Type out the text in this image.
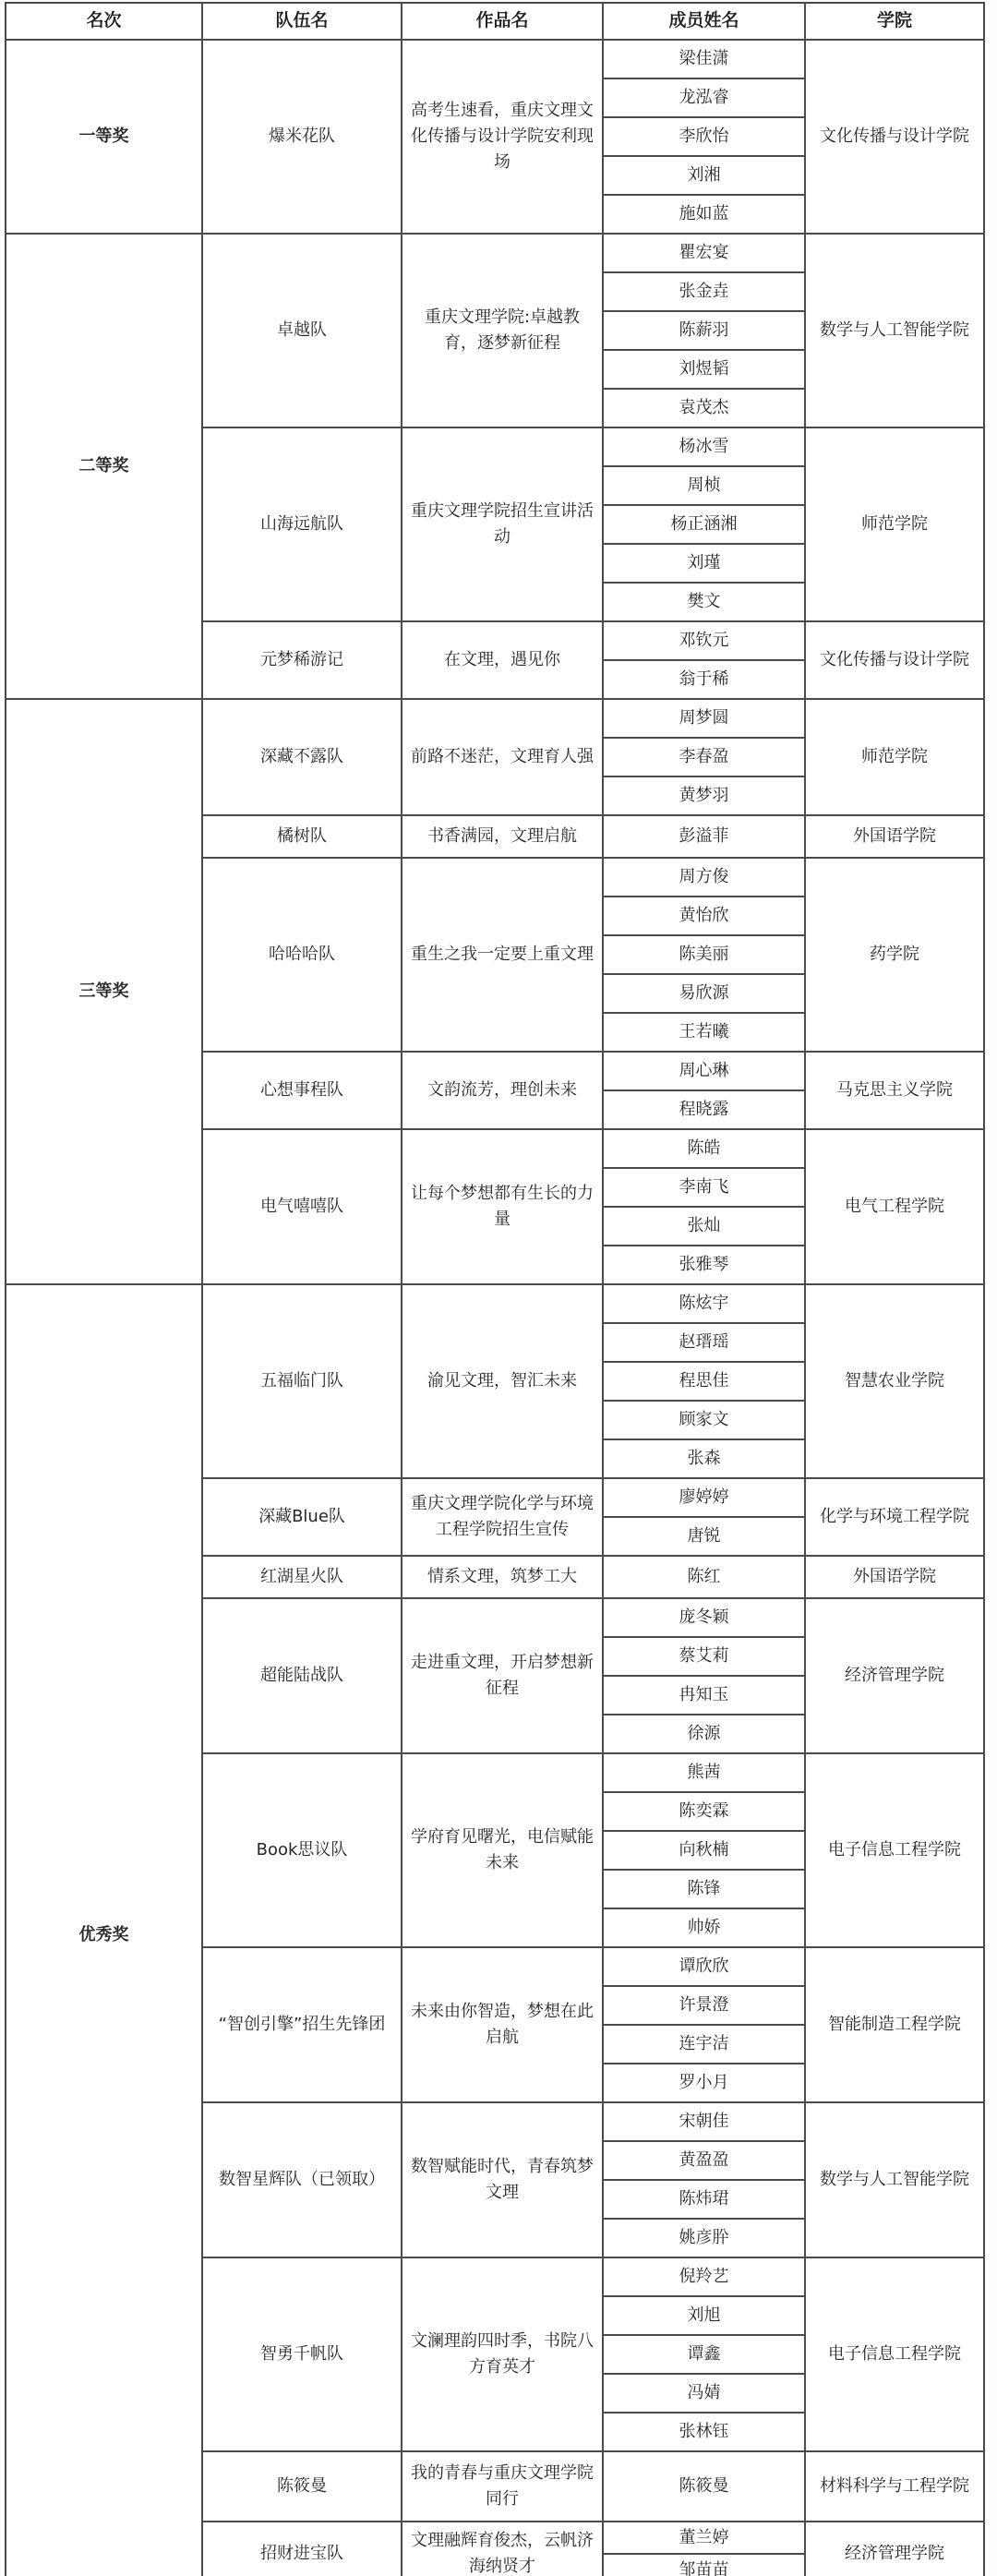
名次	队伍名	作品名	成员姓名	学院
一等奖	爆米花队	高考生速看，重庆文理文化传播与设计学院安利现场	梁佳潇	文化传播与设计学院
			龙泓睿	
			李欣怡	
			刘湘	
			施如蓝	
二等奖	卓越队	重庆文理学院:卓越教育，逐梦新征程	瞿宏宴	数学与人工智能学院
			张金垚	
			陈薪羽	
			刘煜韬	
			袁茂杰	
	山海远航队	重庆文理学院招生宣讲活动	杨冰雪	师范学院
			周桢	
			杨正涵湘	
			刘瑾	
			樊文	
	元梦稀游记	在文理，遇见你	邓钦元	文化传播与设计学院
			翁于稀	
三等奖	深藏不露队	前路不迷茫，文理育人强	周梦圆	师范学院
			李春盈	
			黄梦羽	
	橘树队	书香满园，文理启航	彭溢菲	外国语学院
	哈哈哈队	重生之我一定要上重文理	周方俊	药学院
			黄怡欣	
			陈美丽	
			易欣源	
			王若曦	
	心想事程队	文韵流芳，理创未来	周心琳	马克思主义学院
			程晓露	
	电气嘻嘻队	让每个梦想都有生长的力量	陈皓	电气工程学院
			李南飞	
			张灿	
			张雅琴	
优秀奖	五福临门队	渝见文理，智汇未来	陈炫宇	智慧农业学院
			赵瑨瑶	
			程思佳	
			顾家文	
			张森	
	深藏Blue队	重庆文理学院化学与环境工程学院招生宣传	廖婷婷	化学与环境工程学院
			唐锐	
	红湖星火队	情系文理，筑梦工大	陈红	外国语学院
	超能陆战队	走进重文理，开启梦想新征程	庞冬颖	经济管理学院
			蔡艾莉	
			冉知玉	
			徐源	
	Book思议队	学府育见曙光，电信赋能未来	熊茜	电子信息工程学院
			陈奕霖	
			向秋楠	
			陈锋	
			帅娇	
	“智创引擎”招生先锋团	未来由你智造，梦想在此启航	谭欣欣	智能制造工程学院
			许景澄	
			连宇洁	
			罗小月	
	数智星辉队（已领取）	数智赋能时代，青春筑梦文理	宋朝佳	数学与人工智能学院
			黄盈盈	
			陈炜珺	
			姚彦肸	
	智勇千帆队	文澜理韵四时季，书院八方育英才	倪羚艺	电子信息工程学院
			刘旭	
			谭鑫	
			冯婧	
			张林钰	
	陈筱曼	我的青春与重庆文理学院同行	陈筱曼	材料科学与工程学院
	招财进宝队	文理融辉育俊杰，云帆济海纳贤才	董兰婷	经济管理学院
			邹苗苗	
